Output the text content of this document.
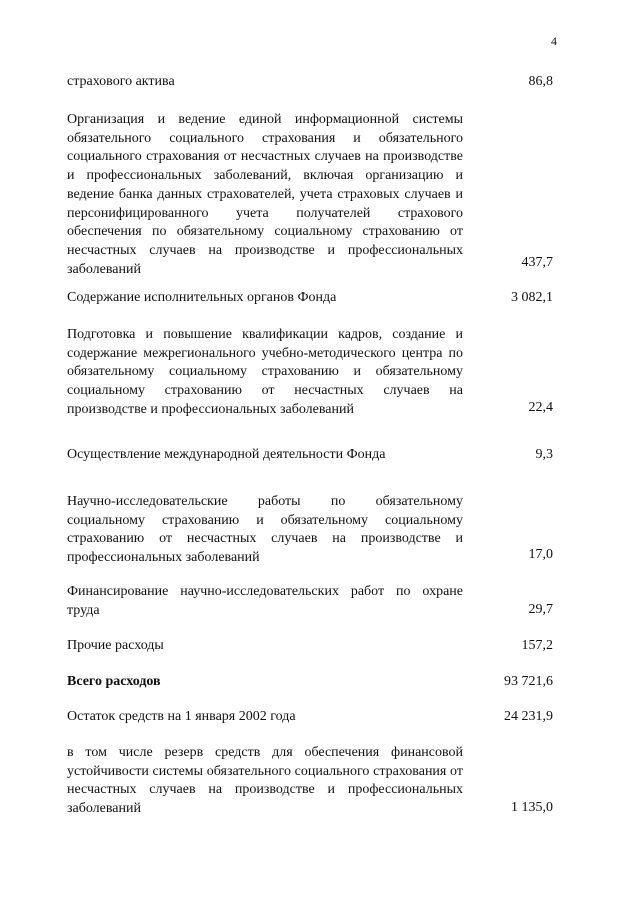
4
страхового актива	86,8
Организация и ведение единой информационной системы обязательного социального страхования и обязательного социального страхования от несчастных случаев на производстве и профессиональных заболеваний, включая организацию и ведение банка данных страхователей, учета страховых случаев и персонифицированного учета получателей страхового обеспечения по обязательному социальному страхованию от несчастных случаев на производстве и профессиональных заболеваний	437,7
Содержание исполнительных органов Фонда	3 082,1
Подготовка и повышение квалификации кадров, создание и содержание межрегионального учебно-методического центра по обязательному социальному страхованию и обязательному социальному страхованию от несчастных случаев на производстве и профессиональных заболеваний	22,4
Осуществление международной деятельности Фонда	9,3
Научно-исследовательские работы по обязательному социальному страхованию и обязательному социальному страхованию от несчастных случаев на производстве и профессиональных заболеваний	17,0
Финансирование научно-исследовательских работ по охране труда	29,7
Прочие расходы	157,2
Всего расходов	93 721,6
Остаток средств на 1 января 2002 года	24 231,9
в том числе резерв средств для обеспечения финансовой устойчивости системы обязательного социального страхования от несчастных случаев на производстве и профессиональных заболеваний	1 135,0
